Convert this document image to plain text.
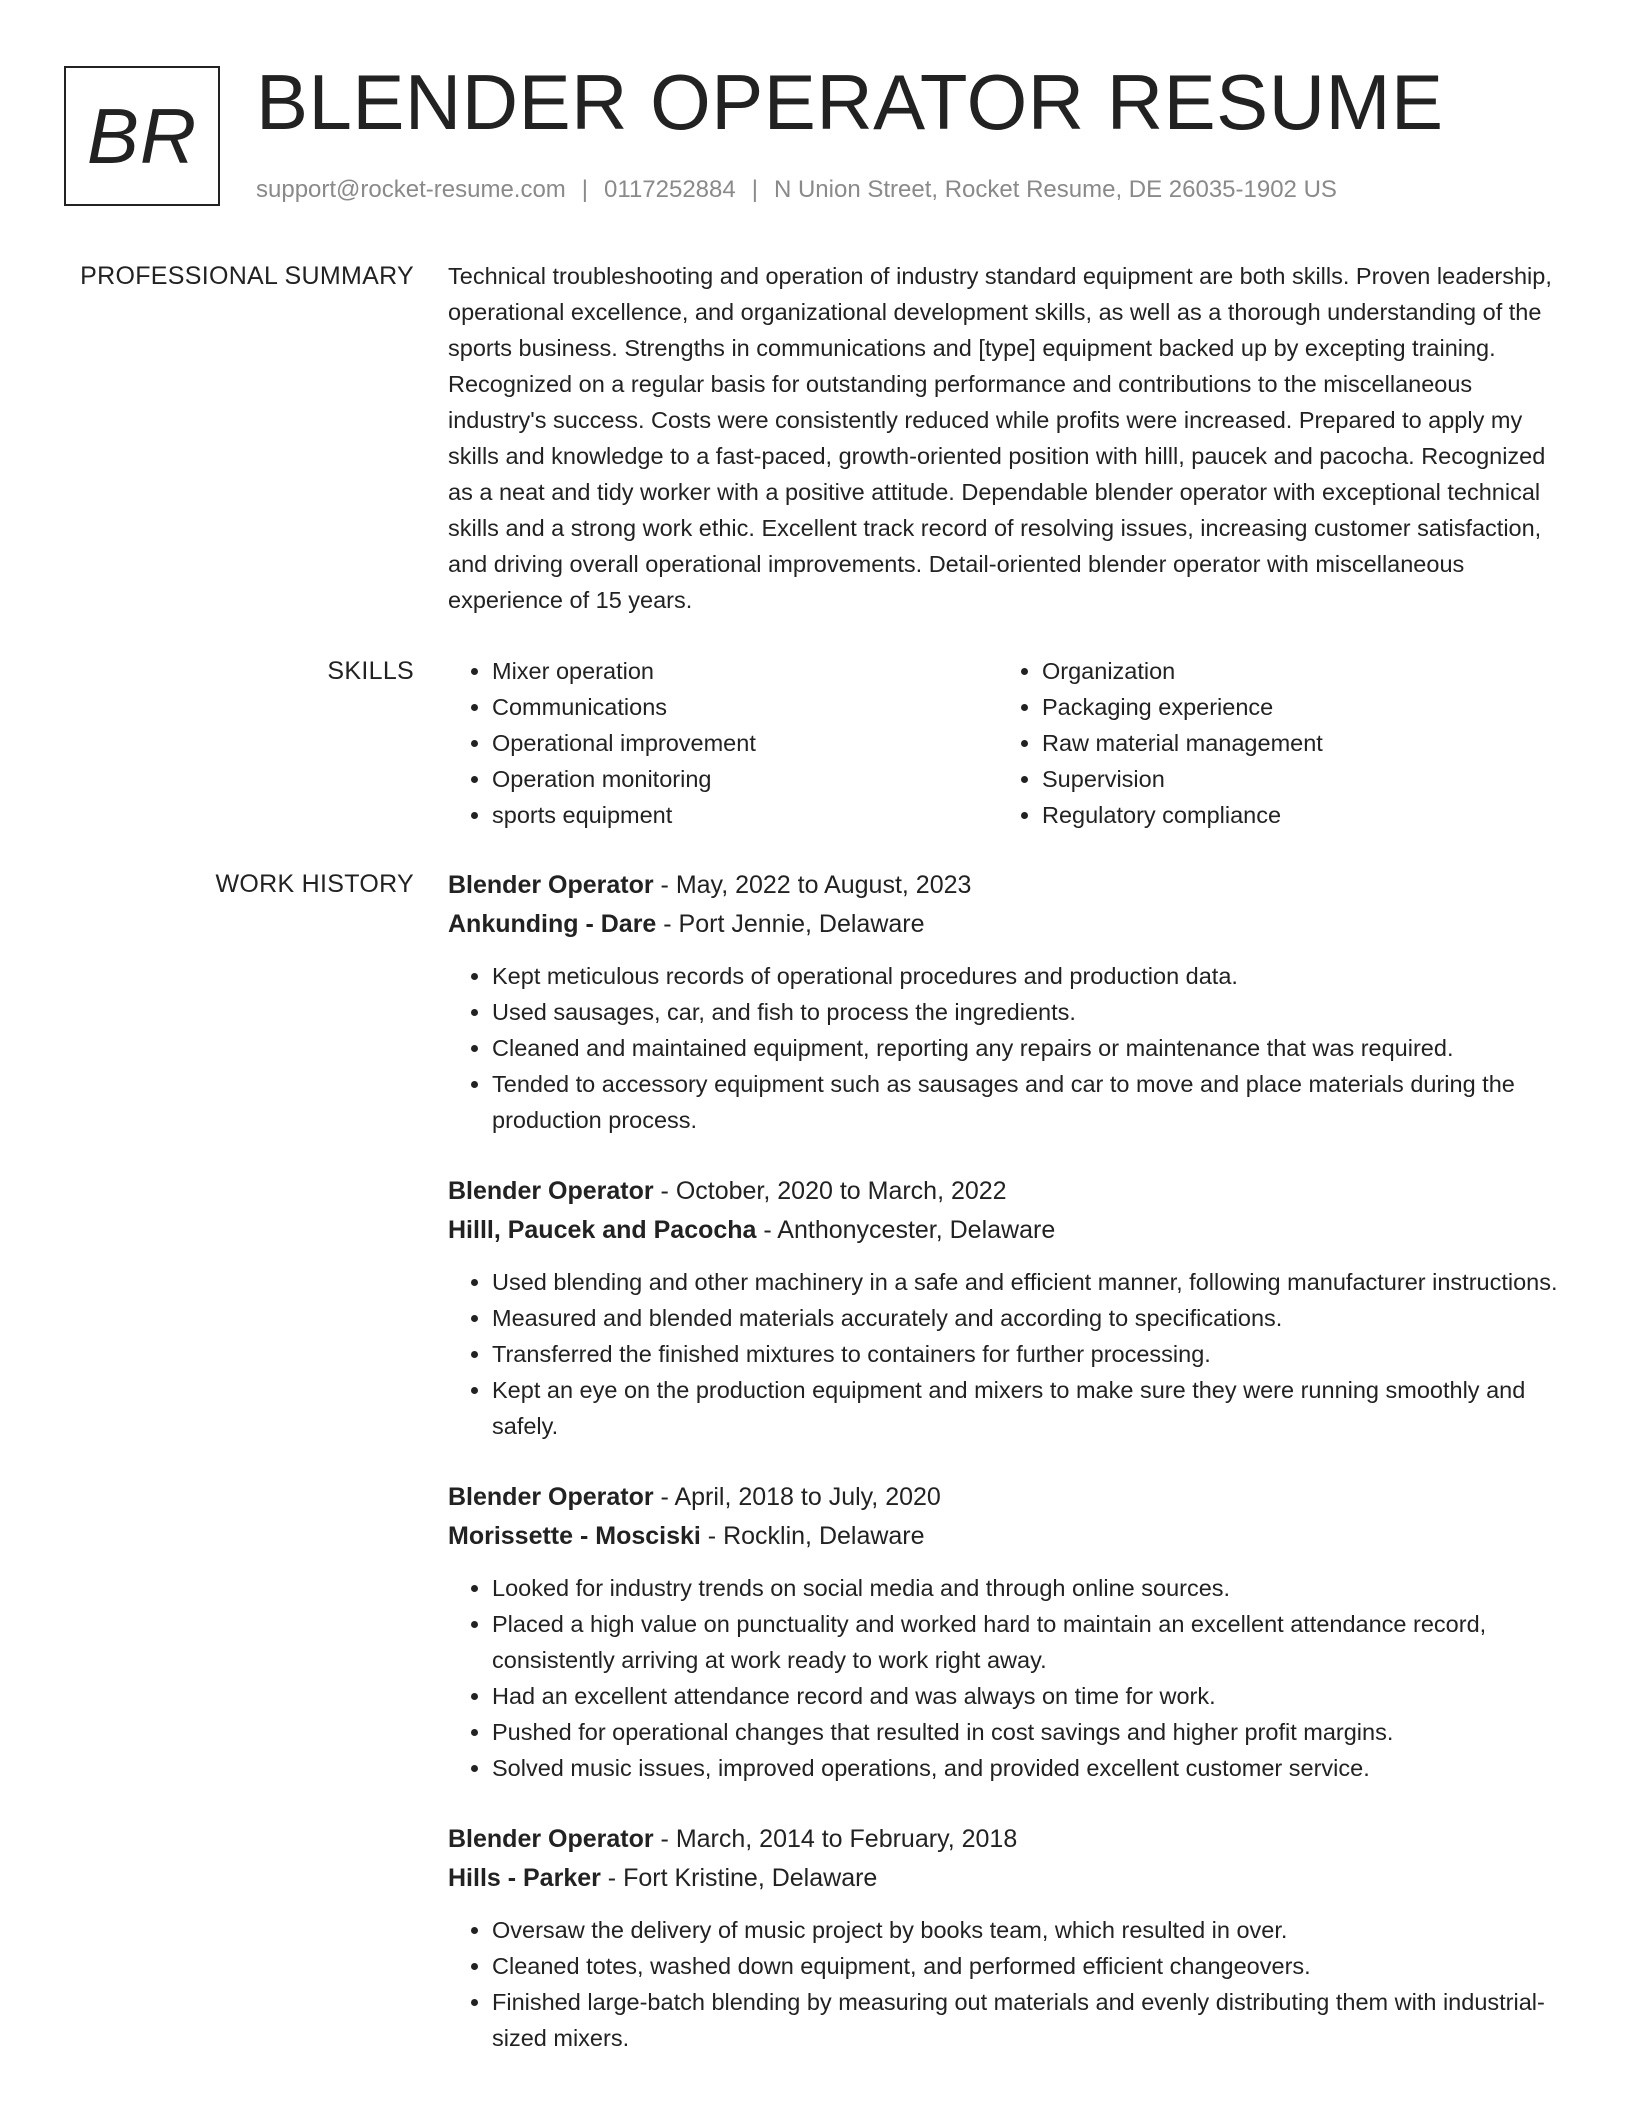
BR BLENDER OPERATOR RESUME
support@rocket-resume.com | 0117252884 | N Union Street, Rocket Resume, DE 26035-1902 US
PROFESSIONAL SUMMARY Technical troubleshooting and operation of industry standard equipment are both skills. Proven leadership, operational excellence, and organizational development skills, as well as a thorough understanding of the sports business. Strengths in communications and [type] equipment backed up by excepting training. Recognized on a regular basis for outstanding performance and contributions to the miscellaneous industry's success. Costs were consistently reduced while profits were increased. Prepared to apply my skills and knowledge to a fast-paced, growth-oriented position with hilll, paucek and pacocha. Recognized as a neat and tidy worker with a positive attitude. Dependable blender operator with exceptional technical skills and a strong work ethic. Excellent track record of resolving issues, increasing customer satisfaction, and driving overall operational improvements. Detail-oriented blender operator with miscellaneous experience of 15 years.

SKILLS
•	Mixer operation
• Communications
• Operational improvement
• Operation monitoring
• sports equipment
• Organization
• Packaging experience
• Raw material management
• Supervision
• Regulatory compliance
WORK HISTORY Blender Operator - May, 2022 to August, 2023
Ankunding - Dare - Port Jennie, Delaware
• Kept meticulous records of operational procedures and production data.
• Used sausages, car, and fish to process the ingredients.
• Cleaned and maintained equipment, reporting any repairs or maintenance that was required.
• Tended to accessory equipment such as sausages and car to move and place materials during the production process.
Blender Operator - October, 2020 to March, 2022
Hilll, Paucek and Pacocha - Anthonycester, Delaware
• Used blending and other machinery in a safe and efficient manner, following manufacturer instructions.
• Measured and blended materials accurately and according to specifications.
• Transferred the finished mixtures to containers for further processing.
• Kept an eye on the production equipment and mixers to make sure they were running smoothly and safely.
Blender Operator - April, 2018 to July, 2020
Morissette - Mosciski - Rocklin, Delaware
• Looked for industry trends on social media and through online sources.
• Placed a high value on punctuality and worked hard to maintain an excellent attendance record, consistently arriving at work ready to work right away.
• Had an excellent attendance record and was always on time for work.
• Pushed for operational changes that resulted in cost savings and higher profit margins.
• Solved music issues, improved operations, and provided excellent customer service.
Blender Operator - March, 2014 to February, 2018
Hills - Parker - Fort Kristine, Delaware
• Oversaw the delivery of music project by books team, which resulted in over.
• Cleaned totes, washed down equipment, and performed efficient changeovers.
• Finished large-batch blending by measuring out materials and evenly distributing them with industrial-sized mixers.
